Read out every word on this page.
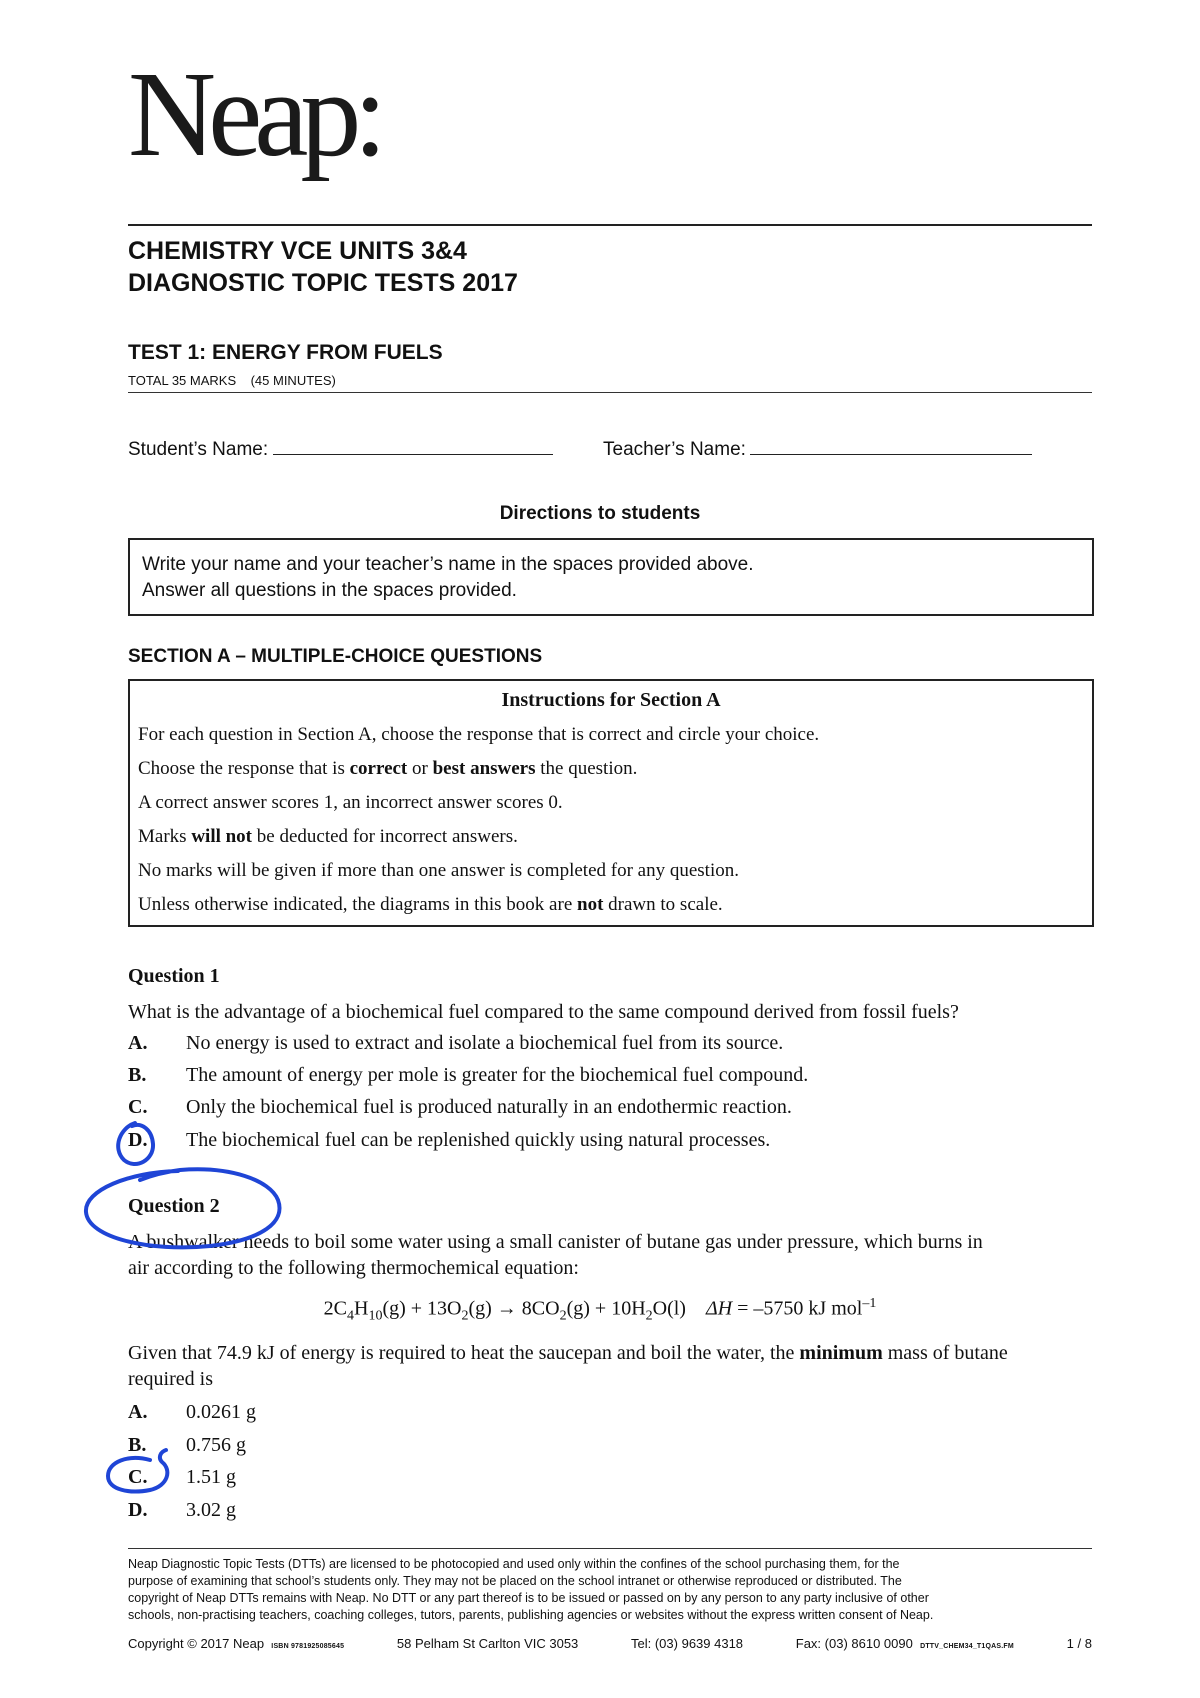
Neap:
CHEMISTRY VCE UNITS 3&4
DIAGNOSTIC TOPIC TESTS 2017
TEST 1: ENERGY FROM FUELS
TOTAL 35 MARKS (45 MINUTES)
Student’s Name:	Teacher’s Name:
Directions to students
Write your name and your teacher’s name in the spaces provided above.
Answer all questions in the spaces provided.
SECTION A – MULTIPLE-CHOICE QUESTIONS
Instructions for Section A
For each question in Section A, choose the response that is correct and circle your choice.
Choose the response that is correct or best answers the question.
A correct answer scores 1, an incorrect answer scores 0.
Marks will not be deducted for incorrect answers.
No marks will be given if more than one answer is completed for any question.
Unless otherwise indicated, the diagrams in this book are not drawn to scale.
Question 1
What is the advantage of a biochemical fuel compared to the same compound derived from fossil fuels?
A. No energy is used to extract and isolate a biochemical fuel from its source.
B. The amount of energy per mole is greater for the biochemical fuel compound.
C. Only the biochemical fuel is produced naturally in an endothermic reaction.
D. The biochemical fuel can be replenished quickly using natural processes.
Question 2
A bushwalker needs to boil some water using a small canister of butane gas under pressure, which burns in
air according to the following thermochemical equation:
$2C_4H_{10}(g) + 13O_2(g) \to 8CO_2(g) + 10H_2O(l) \Delta H = -5750$ kJ mol$^{-1}$
Given that 74.9 kJ of energy is required to heat the saucepan and boil the water, the minimum mass of butane
required is
A. 0.0261 g
B. 0.756 g
C. 1.51 g
D. 3.02 g
Neap Diagnostic Topic Tests (DTTs) are licensed to be photocopied and used only within the confines of the school purchasing them, for the
purpose of examining that school’s students only. They may not be placed on the school intranet or otherwise reproduced or distributed. The
copyright of Neap DTTs remains with Neap. No DTT or any part thereof is to be issued or passed on by any person to any party inclusive of other
schools, non-practising teachers, coaching colleges, tutors, parents, publishing agencies or websites without the express written consent of Neap.
Copyright © 2017 Neap ISBN 9781925085645	58 Pelham St Carlton VIC 3053	Tel: (03) 9639 4318	Fax: (03) 8610 0090 DTTV_CHEM34_T1QAS.FM	1 / 8
